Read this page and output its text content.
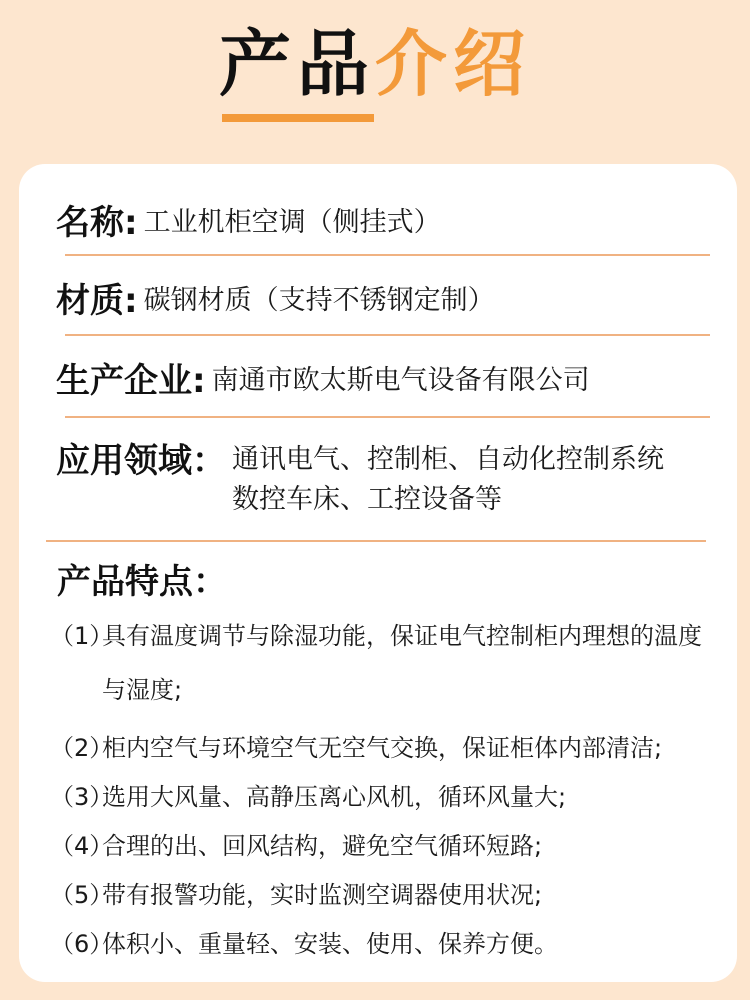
产品介绍
名称: 工业机柜空调（侧挂式）
材质: 碳钢材质（支持不锈钢定制）
生产企业: 南通市欧太斯电气设备有限公司
应用领域： 通讯电气、控制柜、自动化控制系统
数控车床、工控设备等
产品特点：
（1）
具有温度调节与除湿功能，保证电气控制柜内理想的温度与湿度;
（2）
柜内空气与环境空气无空气交换，保证柜体内部清洁;
（3）
选用大风量、高静压离心风机，循环风量大;
（4）
合理的出、回风结构，避免空气循环短路;
（5）
带有报警功能，实时监测空调器使用状况;
（6）
体积小、重量轻、安装、使用、保养方便。
